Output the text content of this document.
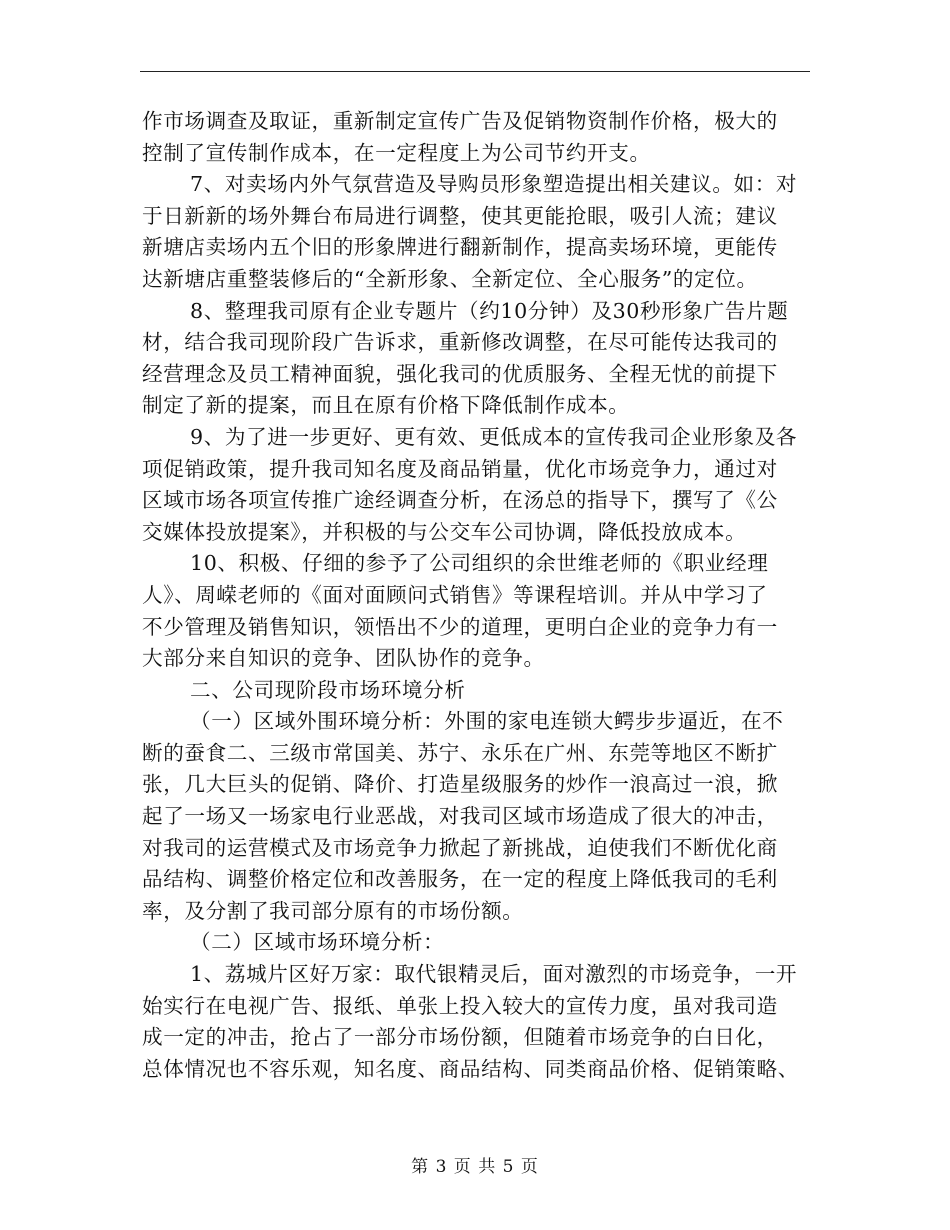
作市场调查及取证，重新制定宣传广告及促销物资制作价格，极大的
控制了宣传制作成本，在一定程度上为公司节约开支。
7、对卖场内外气氛营造及导购员形象塑造提出相关建议。如：对
于日新新的场外舞台布局进行调整，使其更能抢眼，吸引人流；建议
新塘店卖场内五个旧的形象牌进行翻新制作，提高卖场环境，更能传
达新塘店重整装修后的“全新形象、全新定位、全心服务”的定位。
8、整理我司原有企业专题片（约10分钟）及30秒形象广告片题
材，结合我司现阶段广告诉求，重新修改调整，在尽可能传达我司的
经营理念及员工精神面貌，强化我司的优质服务、全程无忧的前提下
制定了新的提案，而且在原有价格下降低制作成本。
9、为了进一步更好、更有效、更低成本的宣传我司企业形象及各
项促销政策，提升我司知名度及商品销量，优化市场竞争力，通过对
区域市场各项宣传推广途经调查分析，在汤总的指导下，撰写了《公
交媒体投放提案》，并积极的与公交车公司协调，降低投放成本。
10、积极、仔细的参予了公司组织的余世维老师的《职业经理
人》、周嵘老师的《面对面顾问式销售》等课程培训。并从中学习了
不少管理及销售知识，领悟出不少的道理，更明白企业的竞争力有一
大部分来自知识的竞争、团队协作的竞争。
二、公司现阶段市场环境分析
（一）区域外围环境分析：外围的家电连锁大鳄步步逼近，在不
断的蚕食二、三级市常国美、苏宁、永乐在广州、东莞等地区不断扩
张，几大巨头的促销、降价、打造星级服务的炒作一浪高过一浪，掀
起了一场又一场家电行业恶战，对我司区域市场造成了很大的冲击，
对我司的运营模式及市场竞争力掀起了新挑战，迫使我们不断优化商
品结构、调整价格定位和改善服务，在一定的程度上降低我司的毛利
率，及分割了我司部分原有的市场份额。
（二）区域市场环境分析：
1、荔城片区好万家：取代银精灵后，面对激烈的市场竞争，一开
始实行在电视广告、报纸、单张上投入较大的宣传力度，虽对我司造
成一定的冲击，抢占了一部分市场份额，但随着市场竞争的白日化，
总体情况也不容乐观，知名度、商品结构、同类商品价格、促销策略、
第 3 页 共 5 页
